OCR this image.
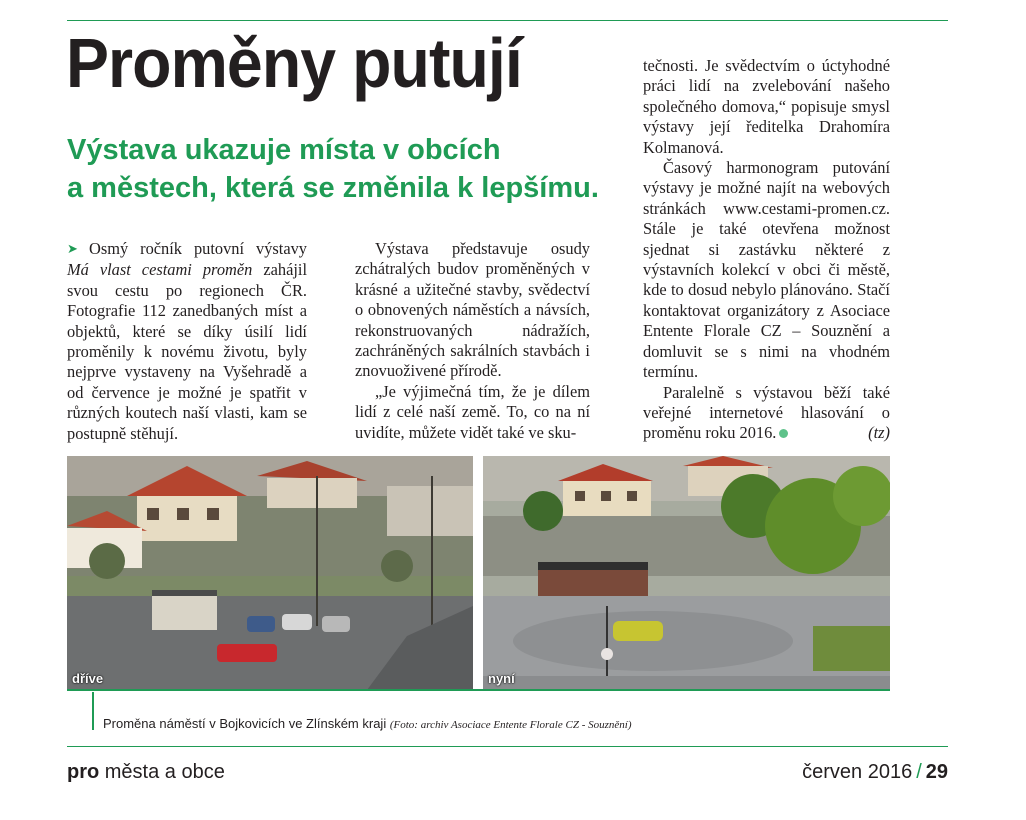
Proměny putují
Výstava ukazuje místa v obcích
a městech, která se změnila k lepšímu.

➤ Osmý ročník putovní výstavy Má vlast cestami proměn zahájil svou cestu po regionech ČR. Fotografie 112 zanedbaných míst a objektů, které se díky úsilí lidí proměnily k novému životu, byly nejprve vystaveny na Vyšehradě a od července je možné je spatřit v různých koutech naší vlasti, kam se postupně stěhují.

Výstava představuje osudy zchátralých budov proměněných v krásné a užitečné stavby, svědectví o obnovených náměstích a návsích, rekonstruovaných nádražích, zachráněných sakrálních stavbách i znovuoživené přírodě.

„Je výjimečná tím, že je dílem lidí z celé naší země. To, co na ní uvidíte, můžete vidět také ve sku-

tečnosti. Je svědectvím o úctyhodné práci lidí na zvelebování našeho společného domova,“ popisuje smysl výstavy její ředitelka Drahomíra Kolmanová.

Časový harmonogram putování výstavy je možné najít na webových stránkách www.cestami-promen.cz. Stále je také otevřena možnost sjednat si zastávku některé z výstavních kolekcí v obci či městě, kde to dosud nebylo plánováno. Stačí kontaktovat organizátory z Asociace Entente Florale CZ – Souznění a domluvit se s nimi na vhodném termínu.

Paralelně s výstavou běží také veřejné internetové hlasování o proměnu roku 2016.	(tz)

dříve	nyní
Proměna náměstí v Bojkovicích ve Zlínském kraji (Foto: archiv Asociace Entente Florale CZ - Souznění)
pro města a obce	červen 2016 / 29
